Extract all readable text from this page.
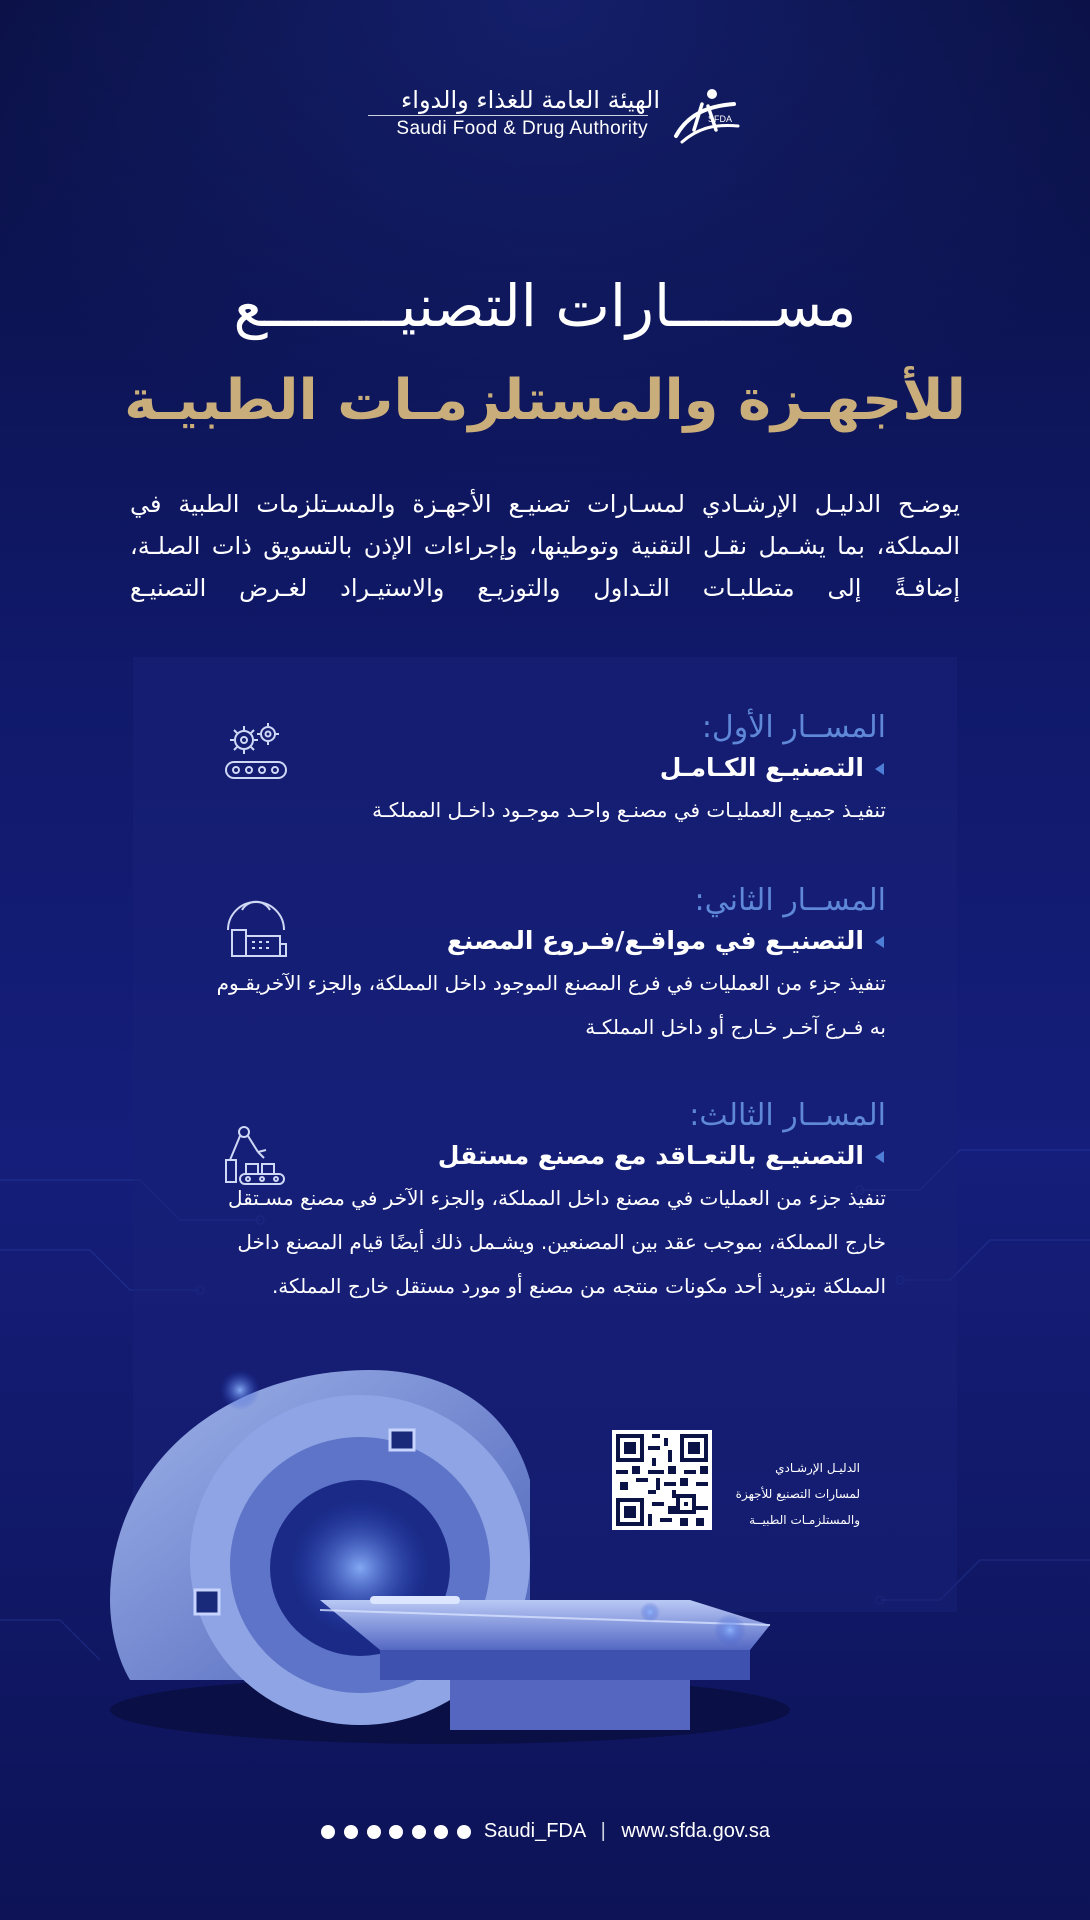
الهيئة العامة للغذاء والدواء
Saudi Food & Drug Authority	SFDA
مســــــارات التصنيــــــــع
للأجهـزة والمستلزمـات الطبيـة

يوضـح الدليـل الإرشـادي لمسـارات تصنيـع الأجهـزة والمسـتلزمات الطبية في

المملكة، بما يشـمل نقـل التقنية وتوطينها، وإجراءات الإذن بالتسويق ذات الصلـة،

إضافـةً إلى متطلبـات التـداول والتوزيـع والاستيـراد لغـرض التصنيـع

المســار الأول:
التصنيـع الكـامـل

تنفيـذ جميـع العمليـات في مصنـع واحـد موجـود داخـل المملكـة

المســار الثاني:
التصنيـع في مواقـع/فـروع المصنع

تنفيذ جزء من العمليات في فرع المصنع الموجود داخل المملكة، والجزء الآخريقـوم

به فـرع آخـر خـارج أو داخل المملكـة

المســار الثالث:
التصنيـع بالتعـاقد مع مصنع مستقل

تنفيذ جزء من العمليات في مصنع داخل المملكة، والجزء الآخر في مصنع مسـتقل

خارج المملكة، بموجب عقد بين المصنعين. ويشـمل ذلك أيضًا قيام المصنع داخل

المملكة بتوريد أحد مكونات منتجه من مصنع أو مورد مستقل خارج المملكة.

الدليـل الإرشـادي

لمسارات التصنيع للأجهزة

والمستلزمـات الطبيــة

Saudi_FDA | www.sfda.gov.sa
